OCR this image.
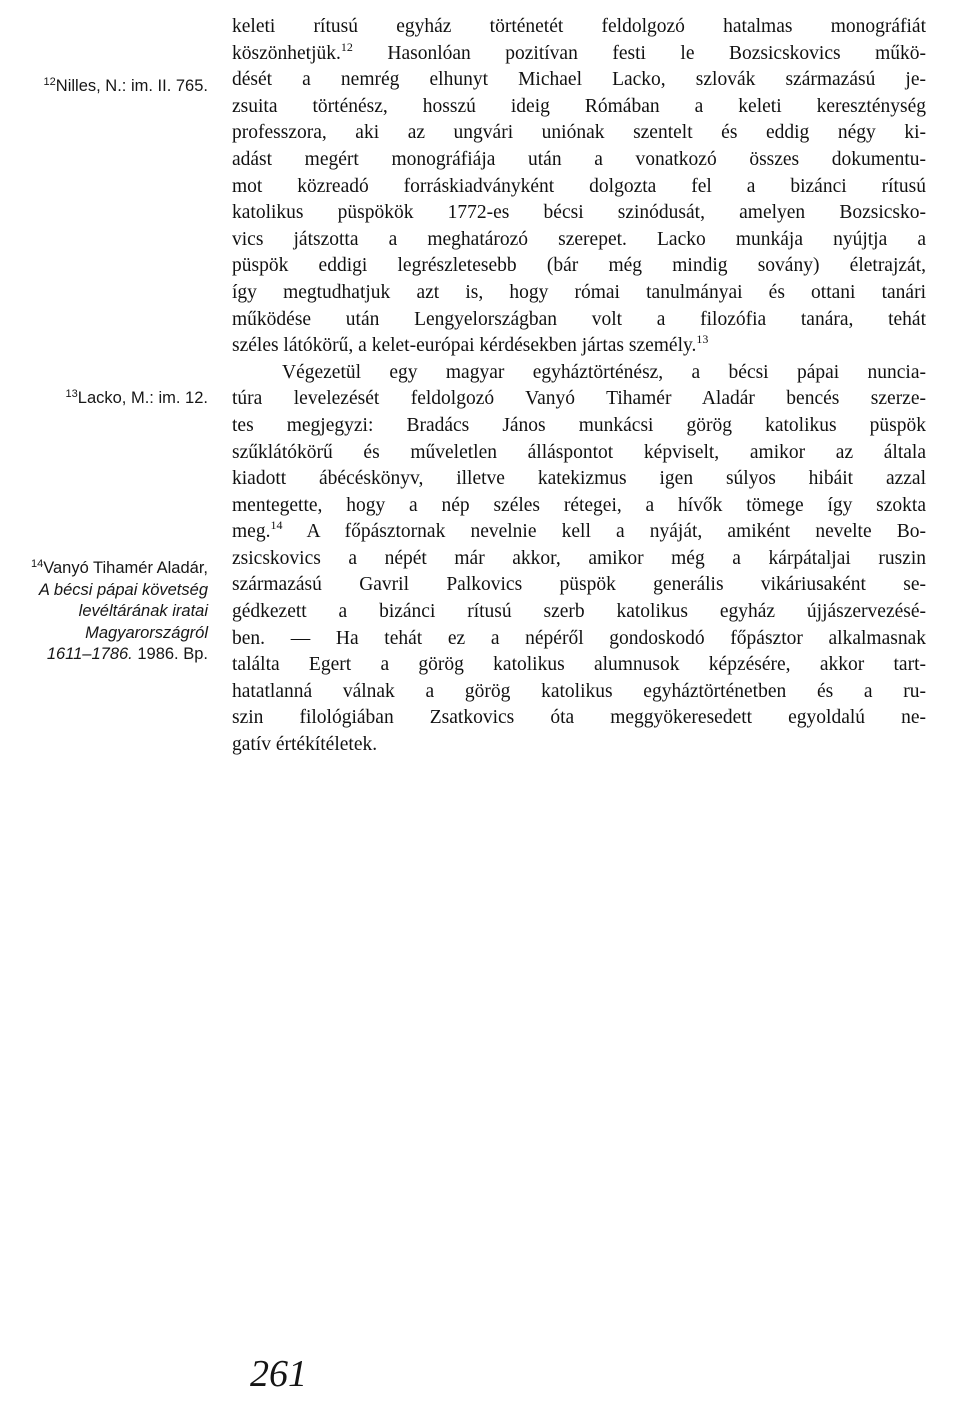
$^{12}$Nilles, N.: im. II. 765.
$^{13}$Lacko, M.: im. 12.
$^{14}$Vanyó Tihamér Aladár,
A bécsi pápai követség
levéltárának iratai
Magyarországról
1611–1786. 1986. Bp.
keleti rítusú egyház történetét feldolgozó hatalmas monográfiát
köszönhetjük.$^{12}$ Hasonlóan pozitívan festi le Bozsicskovics műkö-
dését a nemrég elhunyt Michael Lacko, szlovák származású je-
zsuita történész, hosszú ideig Rómában a keleti kereszténység
professzora, aki az ungvári uniónak szentelt és eddig négy ki-
adást megért monográfiája után a vonatkozó összes dokumentu-
mot közreadó forráskiadványként dolgozta fel a bizánci rítusú
katolikus püspökök 1772-es bécsi szinódusát, amelyen Bozsicsko-
vics játszotta a meghatározó szerepet. Lacko munkája nyújtja a
püspök eddigi legrészletesebb (bár még mindig sovány) életrajzát,
így megtudhatjuk azt is, hogy római tanulmányai és ottani tanári
működése után Lengyelországban volt a filozófia tanára, tehát
széles látókörű, a kelet-európai kérdésekben jártas személy.$^{13}$
Végezetül egy magyar egyháztörténész, a bécsi pápai nuncia-
túra levelezését feldolgozó Vanyó Tihamér Aladár bencés szerze-
tes megjegyzi: Bradács János munkácsi görög katolikus püspök
szűklátókörű és műveletlen álláspontot képviselt, amikor az általa
kiadott ábécéskönyv, illetve katekizmus igen súlyos hibáit azzal
mentegette, hogy a nép széles rétegei, a hívők tömege így szokta
meg.$^{14}$ A főpásztornak nevelnie kell a nyáját, amiként nevelte Bo-
zsicskovics a népét már akkor, amikor még a kárpátaljai ruszin
származású Gavril Palkovics püspök generális vikáriusaként se-
gédkezett a bizánci rítusú szerb katolikus egyház újjászervezésé-
ben. — Ha tehát ez a népéről gondoskodó főpásztor alkalmasnak
találta Egert a görög katolikus alumnusok képzésére, akkor tart-
hatatlanná válnak a görög katolikus egyháztörténetben és a ru-
szin filológiában Zsatkovics óta meggyökeresedett egyoldalú ne-
gatív értékítéletek.
261
